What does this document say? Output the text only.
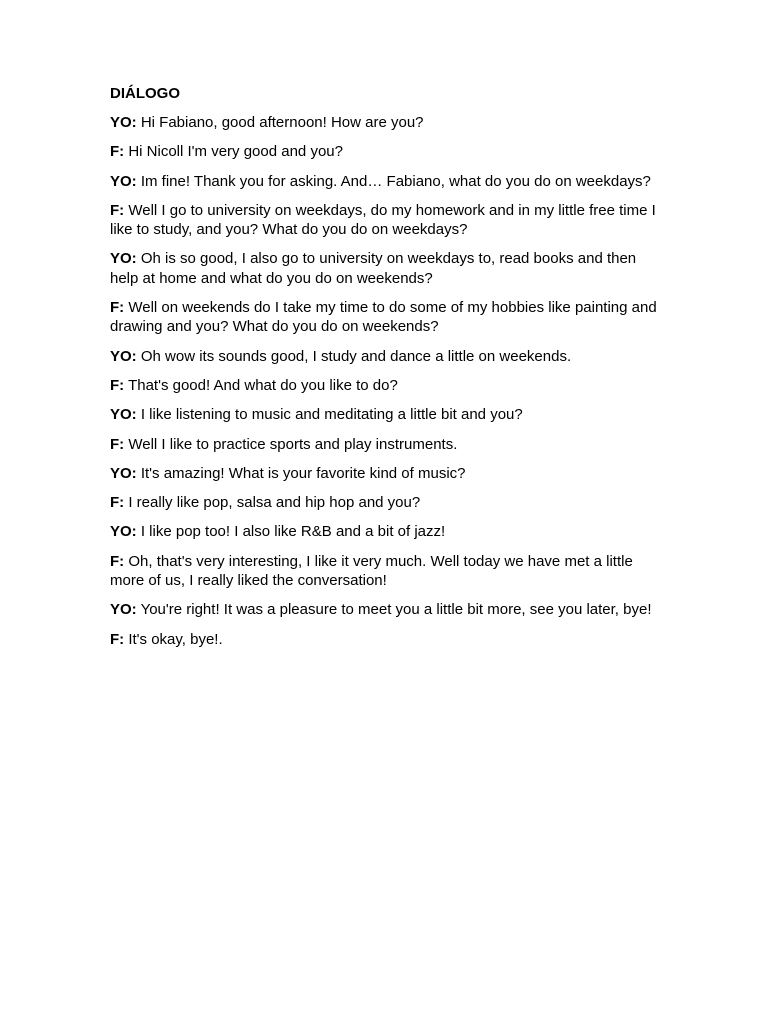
DIÁLOGO

YO: Hi Fabiano, good afternoon! How are you?

F: Hi Nicoll I'm very good and you?

YO: Im fine! Thank you for asking. And… Fabiano, what do you do on weekdays?

F: Well I go to university on weekdays, do my homework and in my little free time I like to study, and you? What do you do on weekdays?

YO: Oh is so good, I also go to university on weekdays to, read books and then help at home and what do you do on weekends?

F: Well on weekends do I take my time to do some of my hobbies like painting and drawing and you? What do you do on weekends?

YO: Oh wow its sounds good, I study and dance a little on weekends.

F: That's good! And what do you like to do?

YO: I like listening to music and meditating a little bit and you?

F: Well I like to practice sports and play instruments.

YO: It's amazing! What is your favorite kind of music?

F: I really like pop, salsa and hip hop and you?

YO: I like pop too! I also like R&B and a bit of jazz!

F: Oh, that's very interesting, I like it very much. Well today we have met a little more of us, I really liked the conversation!

YO: You're right! It was a pleasure to meet you a little bit more, see you later, bye!

F: It's okay, bye!.
